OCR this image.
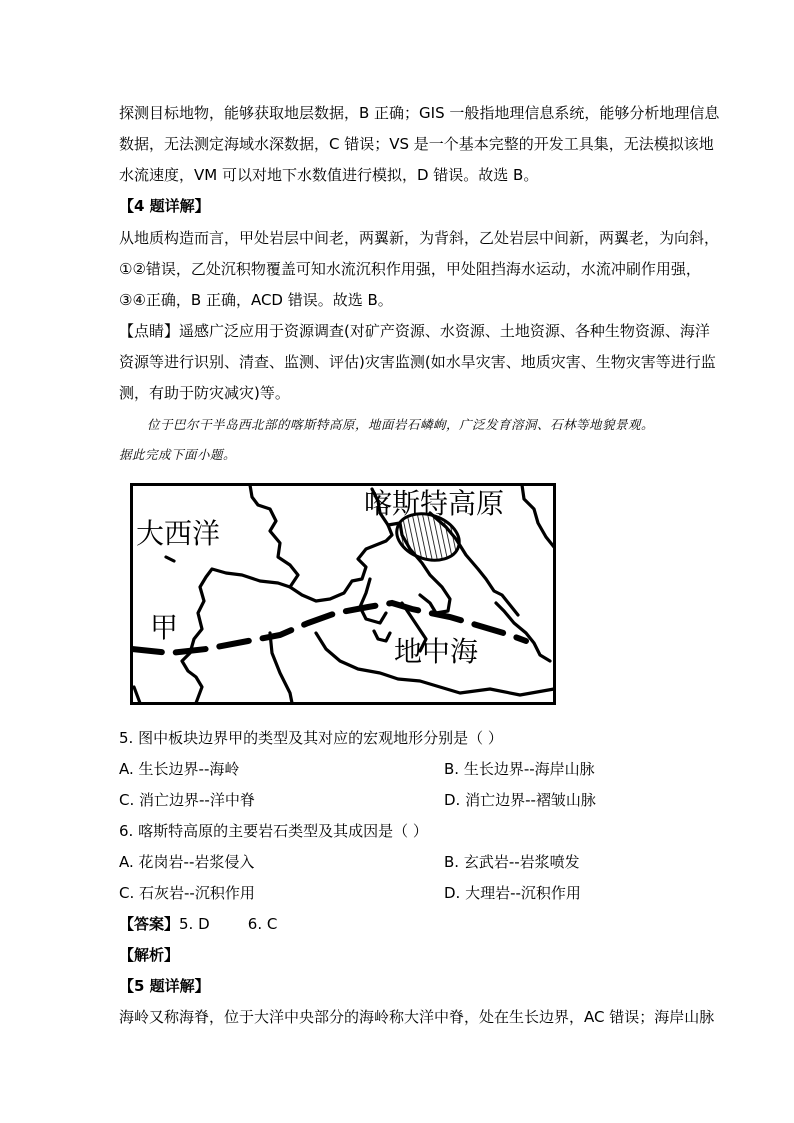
探测目标地物，能够获取地层数据，B 正确；GIS 一般指地理信息系统，能够分析地理信息
数据，无法测定海域水深数据，C 错误；VS 是一个基本完整的开发工具集，无法模拟该地
水流速度，VM 可以对地下水数值进行模拟，D 错误。故选 B。
【4 题详解】
从地质构造而言，甲处岩层中间老，两翼新，为背斜，乙处岩层中间新，两翼老，为向斜，
①②错误，乙处沉积物覆盖可知水流沉积作用强，甲处阻挡海水运动，水流冲刷作用强，
③④正确，B 正确，ACD 错误。故选 B。
【点睛】遥感广泛应用于资源调查(对矿产资源、水资源、土地资源、各种生物资源、海洋
资源等进行识别、清查、监测、评估)灾害监测(如水旱灾害、地质灾害、生物灾害等进行监
测，有助于防灾减灾)等。
位于巴尔干半岛西北部的喀斯特高原，地面岩石嶙峋，广泛发育溶洞、石林等地貌景观。
据此完成下面小题。
喀斯特高原
大西洋
甲
地中海
5. 图中板块边界甲的类型及其对应的宏观地形分别是（ ）
A. 生长边界--海岭	B. 生长边界--海岸山脉
C. 消亡边界--洋中脊	D. 消亡边界--褶皱山脉
6. 喀斯特高原的主要岩石类型及其成因是（ ）
A. 花岗岩--岩浆侵入	B. 玄武岩--岩浆喷发
C. 石灰岩--沉积作用	D. 大理岩--沉积作用
【答案】5. D        6. C
【解析】
【5 题详解】
海岭又称海脊，位于大洋中央部分的海岭称大洋中脊，处在生长边界，AC 错误；海岸山脉
